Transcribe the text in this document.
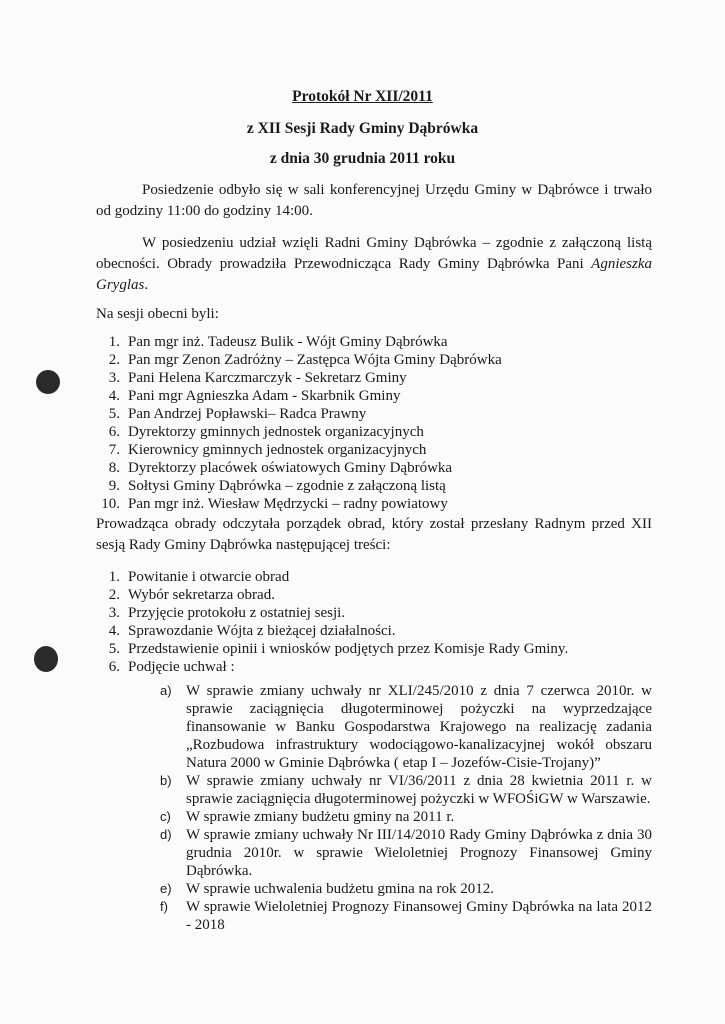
Protokół Nr XII/2011
z XII Sesji Rady Gminy Dąbrówka
z dnia 30 grudnia 2011 roku
Posiedzenie odbyło się w sali konferencyjnej Urzędu Gminy w Dąbrówce i trwało od godziny 11:00 do godziny 14:00.
W posiedzeniu udział wzięli Radni Gminy Dąbrówka – zgodnie z załączoną listą obecności. Obrady prowadziła Przewodnicząca Rady Gminy Dąbrówka Pani Agnieszka Gryglas.
Na sesji obecni byli:
1. Pan mgr inż. Tadeusz Bulik - Wójt Gminy Dąbrówka
2. Pan mgr Zenon Zadróżny – Zastępca Wójta Gminy Dąbrówka
3. Pani Helena Karczmarczyk - Sekretarz Gminy
4. Pani mgr Agnieszka Adam - Skarbnik Gminy
5. Pan Andrzej Popławski– Radca Prawny
6. Dyrektorzy gminnych jednostek organizacyjnych
7. Kierownicy gminnych jednostek organizacyjnych
8. Dyrektorzy placówek oświatowych Gminy Dąbrówka
9. Sołtysi Gminy Dąbrówka – zgodnie z załączoną listą
10. Pan mgr inż. Wiesław Mędrzycki – radny powiatowy
Prowadząca obrady odczytała porządek obrad, który został przesłany Radnym przed XII sesją Rady Gminy Dąbrówka następującej treści:
1. Powitanie i otwarcie obrad
2. Wybór sekretarza obrad.
3. Przyjęcie protokołu z ostatniej sesji.
4. Sprawozdanie Wójta z bieżącej działalności.
5. Przedstawienie opinii i wniosków podjętych przez Komisje Rady Gminy.
6. Podjęcie uchwał :
a) W sprawie zmiany uchwały nr XLI/245/2010 z dnia 7 czerwca 2010r. w sprawie zaciągnięcia długoterminowej pożyczki na wyprzedzające finansowanie w Banku Gospodarstwa Krajowego na realizację zadania „Rozbudowa infrastruktury wodociągowo-kanalizacyjnej wokół obszaru Natura 2000 w Gminie Dąbrówka ( etap I – Jozefów-Cisie-Trojany)”
b) W sprawie zmiany uchwały nr VI/36/2011 z dnia 28 kwietnia 2011 r. w sprawie zaciągnięcia długoterminowej pożyczki w WFOŚiGW w Warszawie.
c)	W sprawie zmiany budżetu gminy na 2011 r.
d) W sprawie zmiany uchwały Nr III/14/2010 Rady Gminy Dąbrówka z dnia 30 grudnia 2010r. w sprawie Wieloletniej Prognozy Finansowej Gminy Dąbrówka.
e) W sprawie uchwalenia budżetu gmina na rok 2012.
f)	W sprawie Wieloletniej Prognozy Finansowej Gminy Dąbrówka na lata 2012 - 2018
